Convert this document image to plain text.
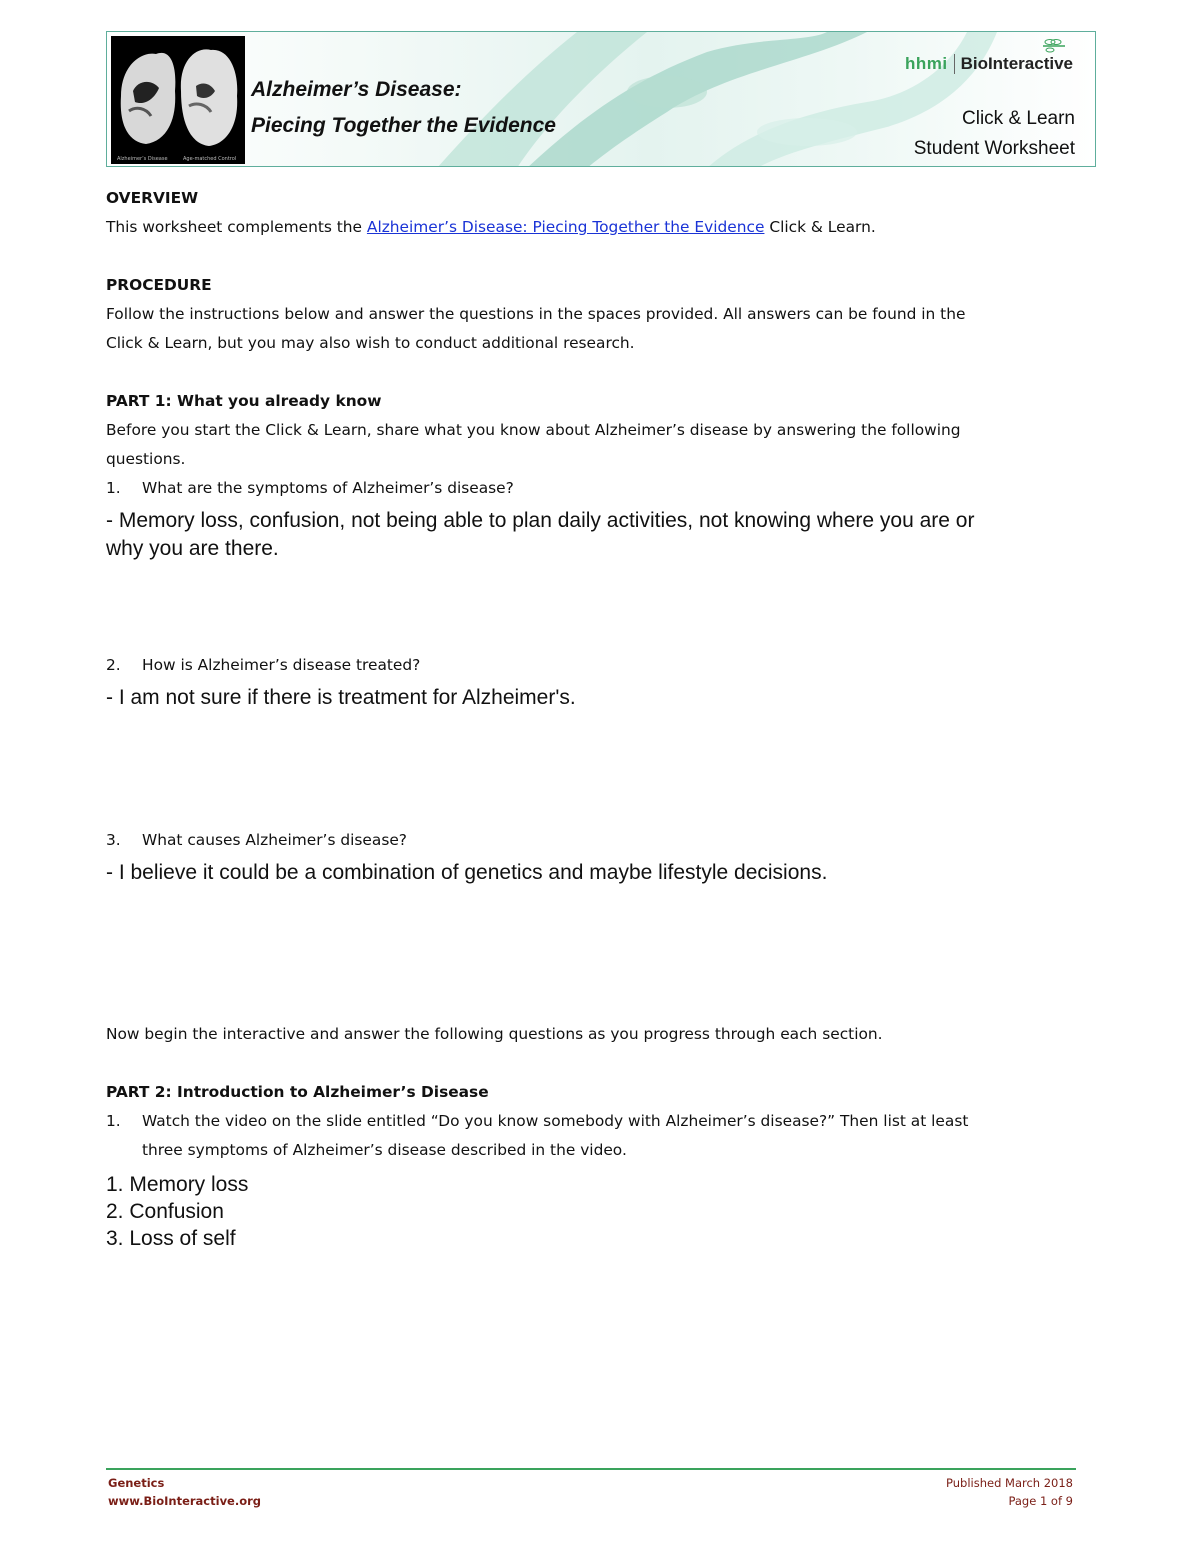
Alzheimer’s Disease	Age-matched Control
Alzheimer’s Disease:
Piecing Together the Evidence
hhmi BioInteractive
Click & Learn
Student Worksheet
OVERVIEW
This worksheet complements the Alzheimer’s Disease: Piecing Together the Evidence Click & Learn.
PROCEDURE
Follow the instructions below and answer the questions in the spaces provided. All answers can be found in the
Click & Learn, but you may also wish to conduct additional research.
PART 1: What you already know
Before you start the Click & Learn, share what you know about Alzheimer’s disease by answering the following
questions.
1.	What are the symptoms of Alzheimer’s disease?
- Memory loss, confusion, not being able to plan daily activities, not knowing where you are or
why you are there.
2.	How is Alzheimer’s disease treated?
- I am not sure if there is treatment for Alzheimer's.
3.	What causes Alzheimer’s disease?
- I believe it could be a combination of genetics and maybe lifestyle decisions.
Now begin the interactive and answer the following questions as you progress through each section.
PART 2: Introduction to Alzheimer’s Disease
1.	Watch the video on the slide entitled “Do you know somebody with Alzheimer’s disease?” Then list at least
three symptoms of Alzheimer’s disease described in the video.
1. Memory loss
2. Confusion
3. Loss of self
Genetics
www.BioInteractive.org
Published March 2018
Page 1 of 9
